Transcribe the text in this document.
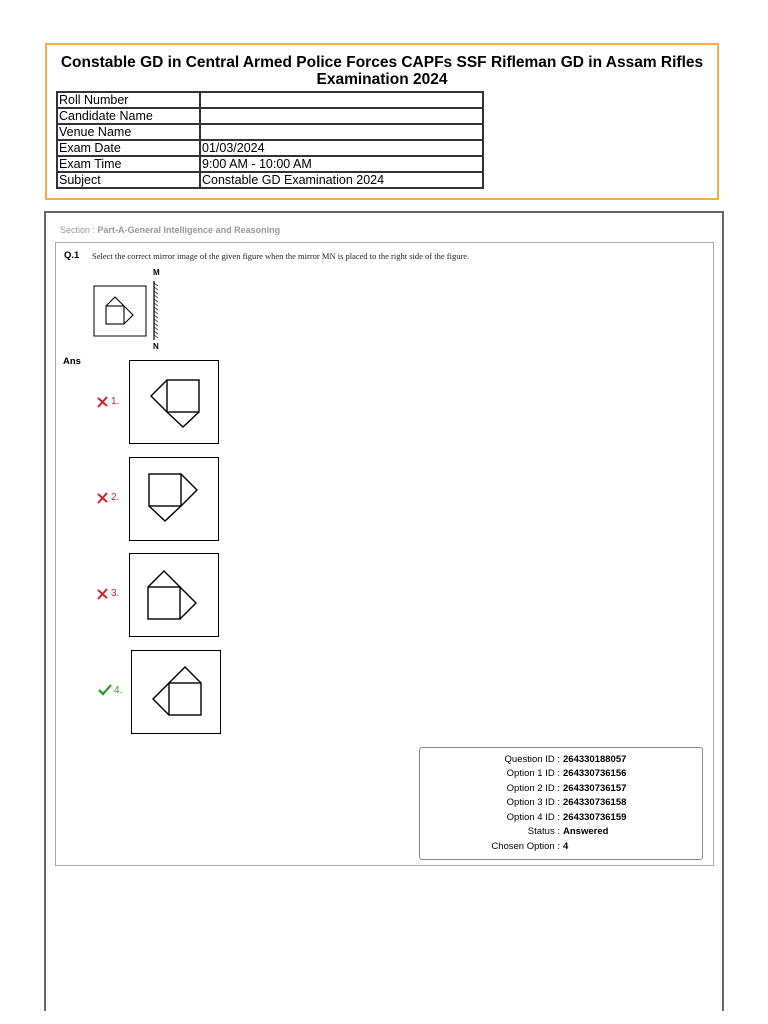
Constable GD in Central Armed Police Forces CAPFs SSF Rifleman GD in Assam Rifles Examination 2024
Roll Number	
Candidate Name	
Venue Name	
Exam Date	01/03/2024
Exam Time	9:00 AM - 10:00 AM
Subject	Constable GD Examination 2024
Section : Part-A-General Intelligence and Reasoning
Q.1 Select the correct mirror image of the given figure when the mirror MN is placed to the right side of the figure.
M
N
Ans
1.
2.
3.
4.
Question ID : 264330188057
Option 1 ID : 264330736156
Option 2 ID : 264330736157
Option 3 ID : 264330736158
Option 4 ID : 264330736159
Status : Answered
Chosen Option : 4
